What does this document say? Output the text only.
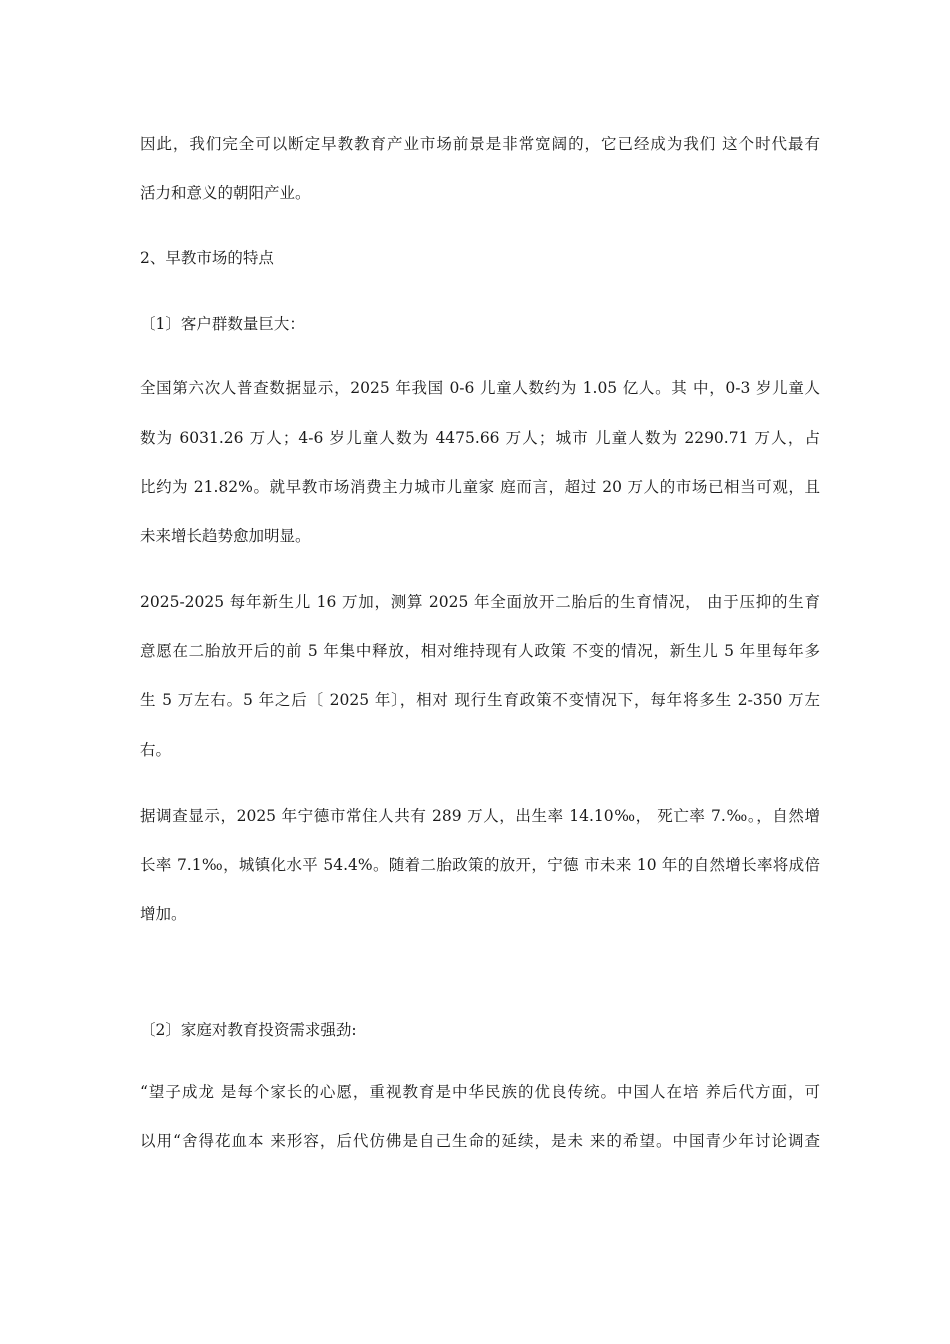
因此，我们完全可以断定早教教育产业市场前景是非常宽阔的，它已经成为我们 这个时代最有
活力和意义的朝阳产业。
2、早教市场的特点
〔1〕客户群数量巨大：
全国第六次人普查数据显示，2025 年我国 0-6 儿童人数约为 1.05 亿人。其 中，0-3 岁儿童人
数为 6031.26 万人；4-6 岁儿童人数为 4475.66 万人；城市 儿童人数为 2290.71 万人，占
比约为 21.82%。就早教市场消费主力城市儿童家 庭而言，超过 20 万人的市场已相当可观，且
未来增长趋势愈加明显。
2025-2025 每年新生儿 16 万加，测算 2025 年全面放开二胎后的生育情况， 由于压抑的生育
意愿在二胎放开后的前 5 年集中释放，相对维持现有人政策 不变的情况，新生儿 5 年里每年多
生 5 万左右。5 年之后〔 2025 年〕，相对 现行生育政策不变情况下，每年将多生 2-350 万左
右。
据调查显示，2025 年宁德市常住人共有 289 万人，出生率 14.10‰， 死亡率 7.‰。，自然增
长率 7.1‰，城镇化水平 54.4%。随着二胎政策的放开，宁德 市未来 10 年的自然增长率将成倍
增加。
〔2〕家庭对教育投资需求强劲:
“望子成龙 是每个家长的心愿，重视教育是中华民族的优良传统。中国人在培 养后代方面，可
以用“舍得花血本 来形容，后代仿佛是自己生命的延续，是未 来的希望。中国青少年讨论调查
